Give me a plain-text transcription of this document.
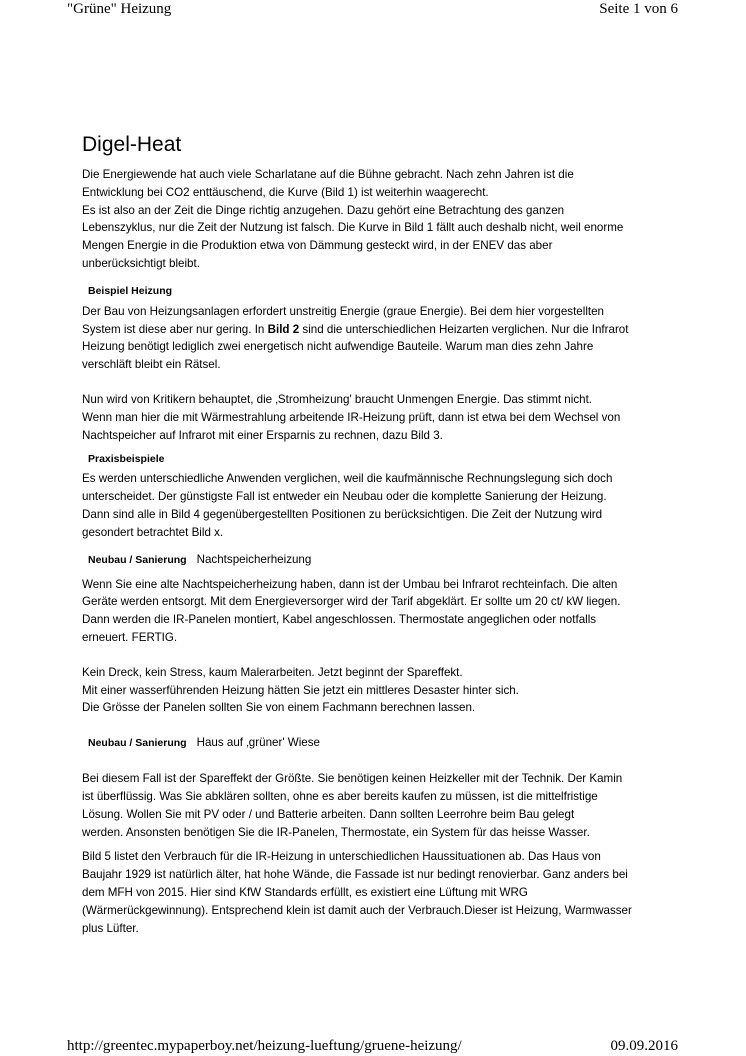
"Grüne" Heizung	Seite 1 von 6
Digel-Heat

Die Energiewende hat auch viele Scharlatane auf die Bühne gebracht. Nach zehn Jahren ist die
Entwicklung bei CO2 enttäuschend, die Kurve (Bild 1) ist weiterhin waagerecht.
Es ist also an der Zeit die Dinge richtig anzugehen. Dazu gehört eine Betrachtung des ganzen
Lebenszyklus, nur die Zeit der Nutzung ist falsch. Die Kurve in Bild 1 fällt auch deshalb nicht, weil enorme
Mengen Energie in die Produktion etwa von Dämmung gesteckt wird, in der ENEV das aber
unberücksichtigt bleibt.

Beispiel Heizung

Der Bau von Heizungsanlagen erfordert unstreitig Energie (graue Energie). Bei dem hier vorgestellten
System ist diese aber nur gering. In Bild 2 sind die unterschiedlichen Heizarten verglichen. Nur die Infrarot
Heizung benötigt lediglich zwei energetisch nicht aufwendige Bauteile. Warum man dies zehn Jahre
verschläft bleibt ein Rätsel.

Nun wird von Kritikern behauptet, die ‚Stromheizung' braucht Unmengen Energie. Das stimmt nicht.
Wenn man hier die mit Wärmestrahlung arbeitende IR-Heizung prüft, dann ist etwa bei dem Wechsel von
Nachtspeicher auf Infrarot mit einer Ersparnis zu rechnen, dazu Bild 3.

Praxisbeispiele

Es werden unterschiedliche Anwenden verglichen, weil die kaufmännische Rechnungslegung sich doch
unterscheidet. Der günstigste Fall ist entweder ein Neubau oder die komplette Sanierung der Heizung.
Dann sind alle in Bild 4 gegenübergestellten Positionen zu berücksichtigen. Die Zeit der Nutzung wird
gesondert betrachtet Bild x.

Neubau / Sanierung Nachtspeicherheizung

Wenn Sie eine alte Nachtspeicherheizung haben, dann ist der Umbau bei Infrarot rechteinfach. Die alten
Geräte werden entsorgt. Mit dem Energieversorger wird der Tarif abgeklärt. Er sollte um 20 ct/ kW liegen.
Dann werden die IR-Panelen montiert, Kabel angeschlossen. Thermostate angeglichen oder notfalls
erneuert. FERTIG.

Kein Dreck, kein Stress, kaum Malerarbeiten. Jetzt beginnt der Spareffekt.
Mit einer wasserführenden Heizung hätten Sie jetzt ein mittleres Desaster hinter sich.
Die Grösse der Panelen sollten Sie von einem Fachmann berechnen lassen.

Neubau / Sanierung Haus auf ‚grüner' Wiese

Bei diesem Fall ist der Spareffekt der Größte. Sie benötigen keinen Heizkeller mit der Technik. Der Kamin
ist überflüssig. Was Sie abklären sollten, ohne es aber bereits kaufen zu müssen, ist die mittelfristige
Lösung. Wollen Sie mit PV oder / und Batterie arbeiten. Dann sollten Leerrohre beim Bau gelegt
werden. Ansonsten benötigen Sie die IR-Panelen, Thermostate, ein System für das heisse Wasser.

Bild 5 listet den Verbrauch für die IR-Heizung in unterschiedlichen Haussituationen ab. Das Haus von
Baujahr 1929 ist natürlich älter, hat hohe Wände, die Fassade ist nur bedingt renovierbar. Ganz anders bei
dem MFH von 2015. Hier sind KfW Standards erfüllt, es existiert eine Lüftung mit WRG
(Wärmerückgewinnung). Entsprechend klein ist damit auch der Verbrauch.Dieser ist Heizung, Warmwasser
plus Lüfter.

http://greentec.mypaperboy.net/heizung-lueftung/gruene-heizung/	09.09.2016
